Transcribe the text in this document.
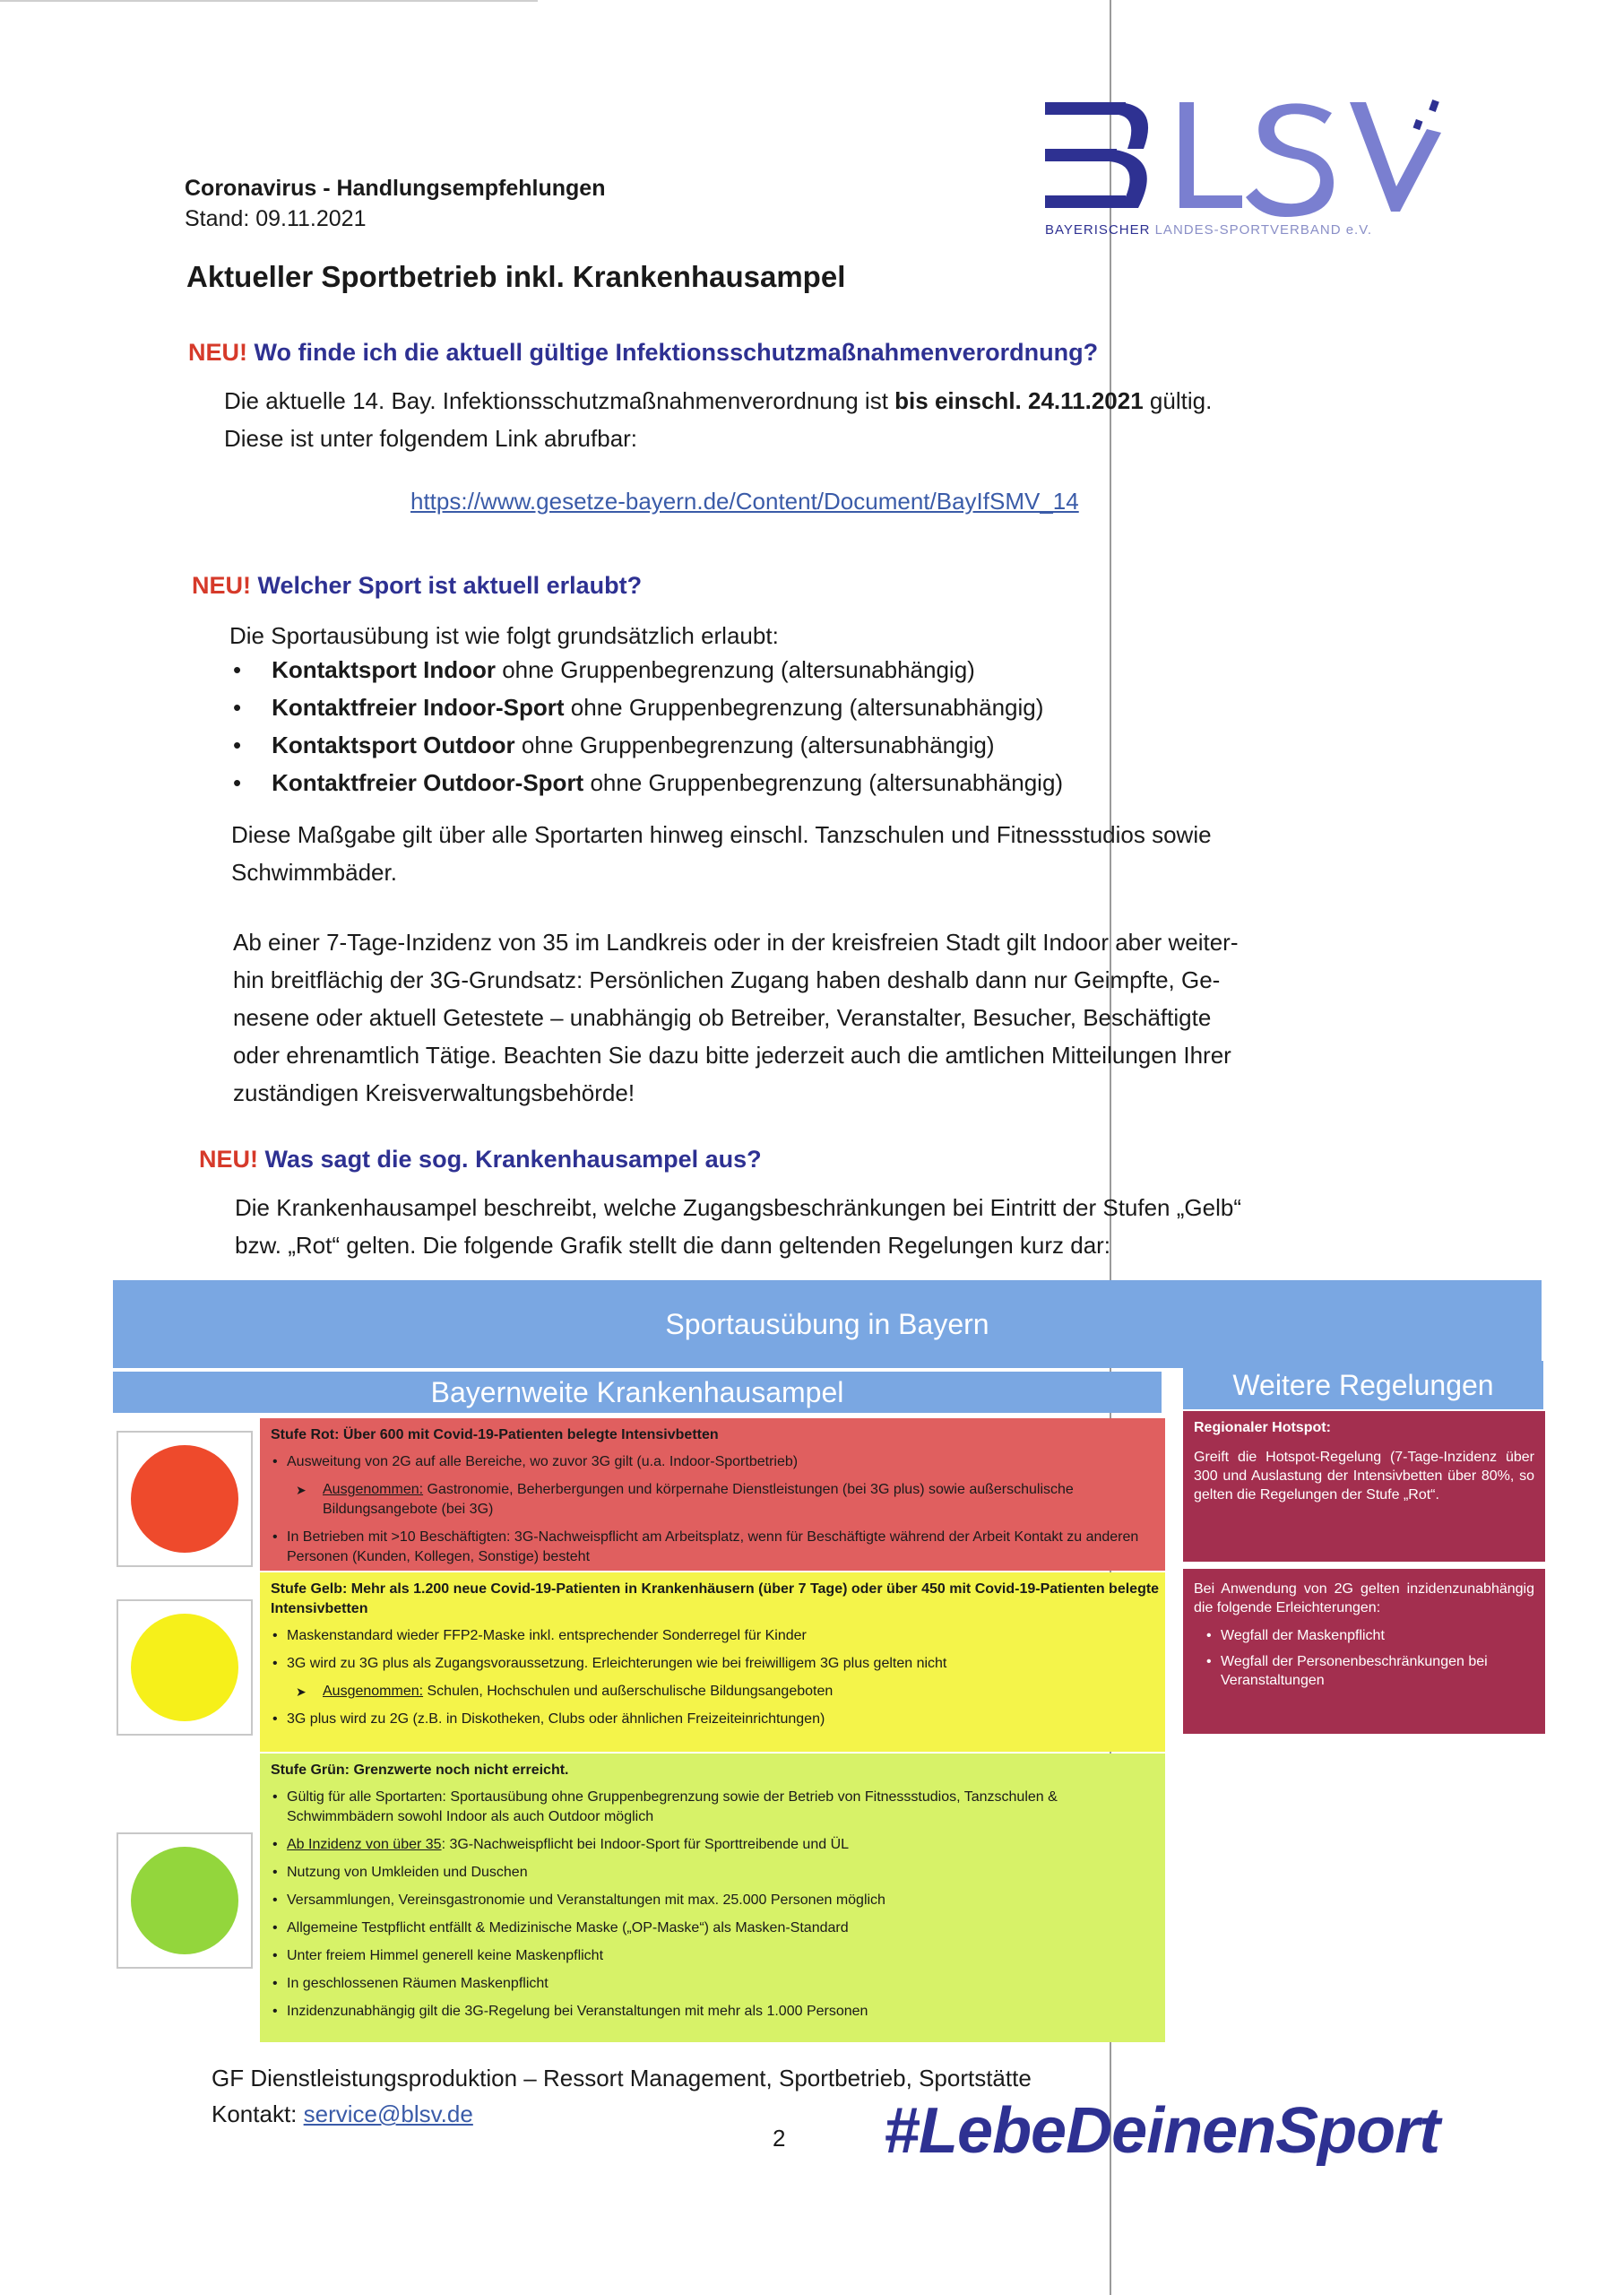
Coronavirus - Handlungsempfehlungen
Stand: 09.11.2021	BAYERISCHER LANDES-SPORTVERBAND e.V.
Aktueller Sportbetrieb inkl. Krankenhausampel
NEU! Wo finde ich die aktuell gültige Infektionsschutzmaßnahmenverordnung?
Die aktuelle 14. Bay. Infektionsschutzmaßnahmenverordnung ist bis einschl. 24.11.2021 gültig.
Diese ist unter folgendem Link abrufbar:
https://www.gesetze-bayern.de/Content/Document/BayIfSMV_14
NEU! Welcher Sport ist aktuell erlaubt?
Die Sportausübung ist wie folgt grundsätzlich erlaubt:
• Kontaktsport Indoor ohne Gruppenbegrenzung (altersunabhängig)
• Kontaktfreier Indoor-Sport ohne Gruppenbegrenzung (altersunabhängig)
• Kontaktsport Outdoor ohne Gruppenbegrenzung (altersunabhängig)
• Kontaktfreier Outdoor-Sport ohne Gruppenbegrenzung (altersunabhängig)
Diese Maßgabe gilt über alle Sportarten hinweg einschl. Tanzschulen und Fitnessstudios sowie
Schwimmbäder.
Ab einer 7-Tage-Inzidenz von 35 im Landkreis oder in der kreisfreien Stadt gilt Indoor aber weiter-
hin breitflächig der 3G-Grundsatz: Persönlichen Zugang haben deshalb dann nur Geimpfte, Ge-
nesene oder aktuell Getestete – unabhängig ob Betreiber, Veranstalter, Besucher, Beschäftigte
oder ehrenamtlich Tätige. Beachten Sie dazu bitte jederzeit auch die amtlichen Mitteilungen Ihrer
zuständigen Kreisverwaltungsbehörde!
NEU! Was sagt die sog. Krankenhausampel aus?
Die Krankenhausampel beschreibt, welche Zugangsbeschränkungen bei Eintritt der Stufen „Gelb“
bzw. „Rot“ gelten. Die folgende Grafik stellt die dann geltenden Regelungen kurz dar:
Sportausübung in Bayern
Bayernweite Krankenhausampel	Weitere Regelungen
Stufe Rot: Über 600 mit Covid-19-Patienten belegte Intensivbetten
• Ausweitung von 2G auf alle Bereiche, wo zuvor 3G gilt (u.a. Indoor-Sportbetrieb)
➤ Ausgenommen: Gastronomie, Beherbergungen und körpernahe Dienstleistungen (bei 3G plus) sowie außerschulische Bildungsangebote (bei 3G)
• In Betrieben mit >10 Beschäftigten: 3G-Nachweispflicht am Arbeitsplatz, wenn für Beschäftigte während der Arbeit Kontakt zu anderen Personen (Kunden, Kollegen, Sonstige) besteht
Stufe Gelb: Mehr als 1.200 neue Covid-19-Patienten in Krankenhäusern (über 7 Tage) oder über 450 mit Covid-19-Patienten belegte Intensivbetten
• Maskenstandard wieder FFP2-Maske inkl. entsprechender Sonderregel für Kinder
• 3G wird zu 3G plus als Zugangsvoraussetzung. Erleichterungen wie bei freiwilligem 3G plus gelten nicht
➤ Ausgenommen: Schulen, Hochschulen und außerschulische Bildungsangeboten
• 3G plus wird zu 2G (z.B. in Diskotheken, Clubs oder ähnlichen Freizeiteinrichtungen)
Stufe Grün: Grenzwerte noch nicht erreicht.
• Gültig für alle Sportarten: Sportausübung ohne Gruppenbegrenzung sowie der Betrieb von Fitnessstudios, Tanzschulen & Schwimmbädern sowohl Indoor als auch Outdoor möglich
• Ab Inzidenz von über 35: 3G-Nachweispflicht bei Indoor-Sport für Sporttreibende und ÜL
• Nutzung von Umkleiden und Duschen
• Versammlungen, Vereinsgastronomie und Veranstaltungen mit max. 25.000 Personen möglich
• Allgemeine Testpflicht entfällt & Medizinische Maske („OP-Maske“) als Masken-Standard
• Unter freiem Himmel generell keine Maskenpflicht
• In geschlossenen Räumen Maskenpflicht
• Inzidenzunabhängig gilt die 3G-Regelung bei Veranstaltungen mit mehr als 1.000 Personen
Regionaler Hotspot:
Greift die Hotspot-Regelung (7-Tage-Inzidenz über 300 und Auslastung der Intensivbetten über 80%, so gelten die Regelungen der Stufe „Rot“.
Bei Anwendung von 2G gelten inzidenzunabhängig die folgende Erleichterungen:
• Wegfall der Maskenpflicht
• Wegfall der Personenbeschränkungen bei Veranstaltungen
GF Dienstleistungsproduktion – Ressort Management, Sportbetrieb, Sportstätte
Kontakt: service@blsv.de
2 #LebeDeinenSport
